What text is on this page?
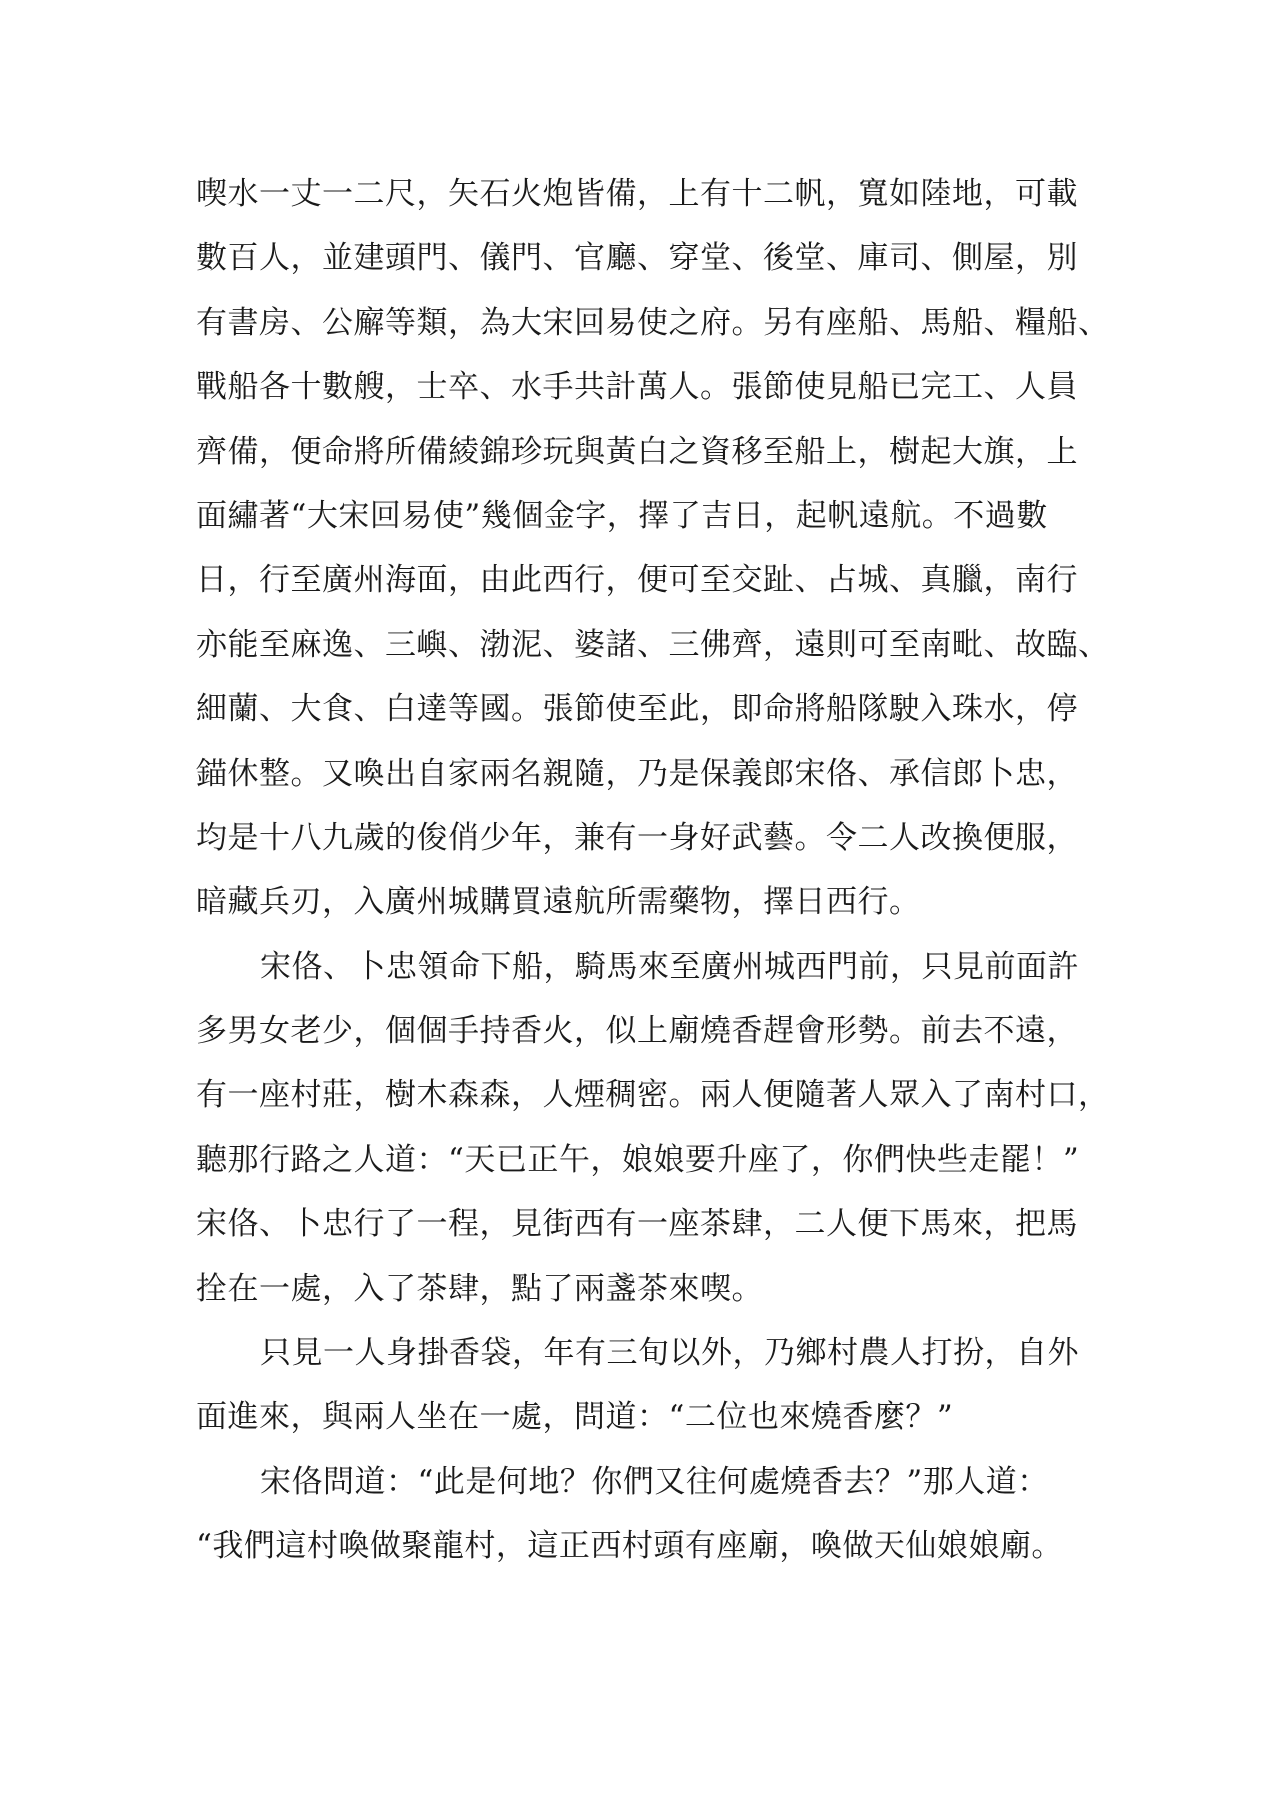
喫水一丈一二尺，矢石火炮皆備，上有十二帆，寬如陸地，可載
數百人，並建頭門、儀門、官廳、穿堂、後堂、庫司、側屋，別
有書房、公廨等類，為大宋回易使之府。另有座船、馬船、糧船、
戰船各十數艘，士卒、水手共計萬人。張節使見船已完工、人員
齊備，便命將所備綾錦珍玩與黃白之資移至船上，樹起大旗，上
面繡著“大宋回易使”幾個金字，擇了吉日，起帆遠航。不過數
日，行至廣州海面，由此西行，便可至交趾、占城、真臘，南行
亦能至麻逸、三嶼、渤泥、婆諸、三佛齊，遠則可至南毗、故臨、
細蘭、大食、白達等國。張節使至此，即命將船隊駛入珠水，停
錨休整。又喚出自家兩名親隨，乃是保義郎宋佫、承信郎卜忠，
均是十八九歲的俊俏少年，兼有一身好武藝。令二人改換便服，
暗藏兵刃，入廣州城購買遠航所需藥物，擇日西行。
宋佫、卜忠領命下船，騎馬來至廣州城西門前，只見前面許
多男女老少，個個手持香火，似上廟燒香趕會形勢。前去不遠，
有一座村莊，樹木森森，人煙稠密。兩人便隨著人眾入了南村口，
聽那行路之人道：“天已正午，娘娘要升座了，你們快些走罷！”
宋佫、卜忠行了一程，見街西有一座茶肆，二人便下馬來，把馬
拴在一處，入了茶肆，點了兩盞茶來喫。
只見一人身掛香袋，年有三旬以外，乃鄉村農人打扮，自外
面進來，與兩人坐在一處，問道：“二位也來燒香麼？”
宋佫問道：“此是何地？你們又往何處燒香去？”那人道：
“我們這村喚做聚龍村，這正西村頭有座廟，喚做天仙娘娘廟。
